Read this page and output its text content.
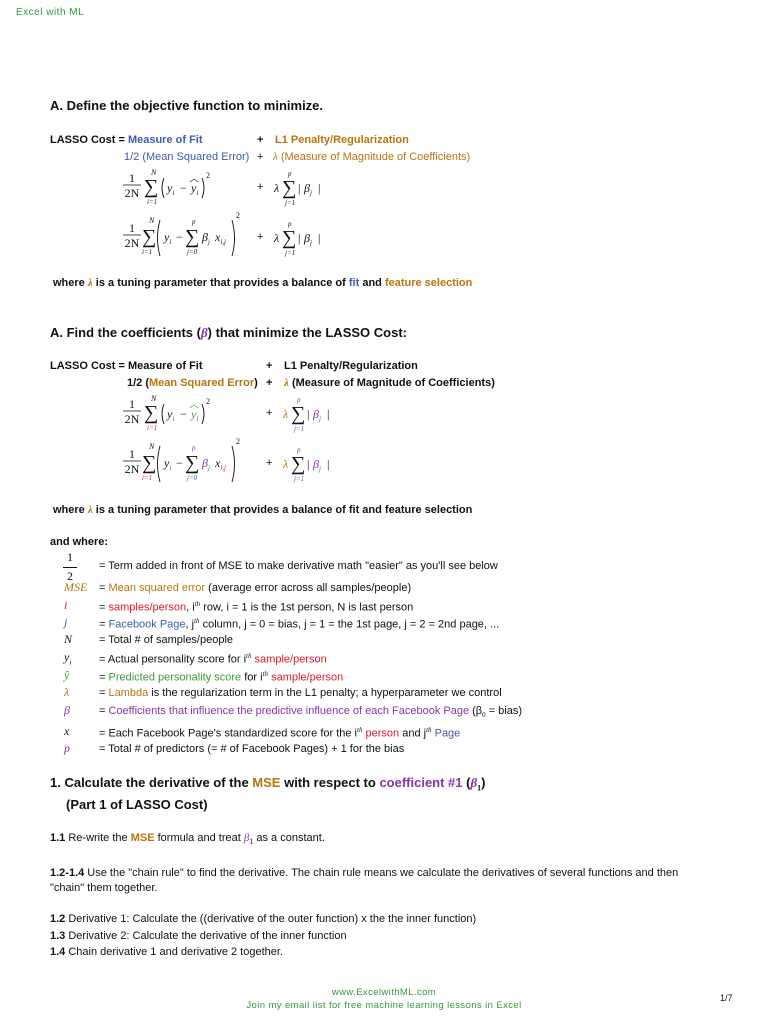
Excel with ML
A. Define the objective function to minimize.
LASSO Cost = Measure of Fit	+ L1 Penalty/Regularization
1/2 (Mean Squared Error) + λ (Measure of Magnitude of Coefficients)
1
2N
N
∑
i=1
$y_i - y_i$
2
+ λ
p
∑
j=1
| $\beta_j$ |
1
2N
N
∑
i=1
$y_i$ −
p
∑
j=0
$\beta_j$ $x_{i,j}$
2
+ λ
p
∑
j=1
| $\beta_j$ |
where λ is a tuning parameter that provides a balance of fit and feature selection
A. Find the coefficients (β) that minimize the LASSO Cost:
LASSO Cost = Measure of Fit	+ L1 Penalty/Regularization
1/2 (Mean Squared Error) + λ (Measure of Magnitude of Coefficients)
1
2N
N
∑
i=1
$y_i - y_i$
2
+ λ
p
∑
j=1
| $\beta_j$ |
1
2N
N
∑
i=1
$y_i$ −
p
∑
j=0
$\beta_j$ $x_{i,j}$
2
+ λ
p
∑
j=1
| $\beta_j$ |
where λ is a tuning parameter that provides a balance of fit and feature selection
and where:
$\frac{1}{2}$ = Term added in front of MSE to make derivative math "easier" as you'll see below
MSE = Mean squared error (average error across all samples/people)
i	= samples/person, $i^{th}$ row, i = 1 is the 1st person, N is last person
j	= Facebook Page, $j^{th}$ column, j = 0 = bias, j = 1 = the 1st page, j = 2 = 2nd page, ...
N = Total # of samples/people
$y_i$	= Actual personality score for $i^{th}$ sample/person
ŷ	= Predicted personality score for $i^{th}$ sample/person
λ	= Lambda is the regularization term in the L1 penalty; a hyperparameter we control
β	= Coefficients that influence the predictive influence of each Facebook Page ($\beta_0$ = bias)
x	= Each Facebook Page's standardized score for the $i^{th}$ person and $j^{th}$ Page
p	= Total # of predictors (= # of Facebook Pages) + 1 for the bias
1. Calculate the derivative of the MSE with respect to coefficient #1 $(\beta_1)$
(Part 1 of LASSO Cost)
1.1 Re-write the MSE formula and treat $\beta_1$ as a constant.
1.2-1.4 Use the "chain rule" to find the derivative. The chain rule means we calculate the derivatives of several functions and then
"chain" them together.
1.2 Derivative 1: Calculate the ((derivative of the outer function) x the the inner function)
1.3 Derivative 2: Calculate the derivative of the inner function
1.4 Chain derivative 1 and derivative 2 together.
www.ExcelwithML.com
Join my email list for free machine learning lessons in Excel
1/7
